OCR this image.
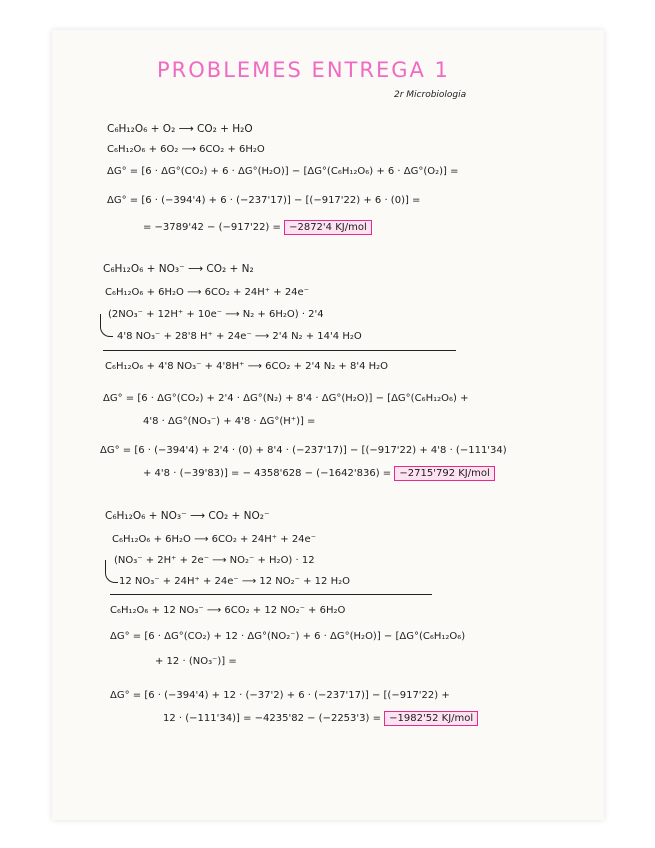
PROBLEMES ENTREGA 1
2r Microbiologia
C₆H₁₂O₆ + O₂ ⟶ CO₂ + H₂O
C₆H₁₂O₆ + 6O₂ ⟶ 6CO₂ + 6H₂O
ΔG° = [6 · ΔG°(CO₂) + 6 · ΔG°(H₂O)] − [ΔG°(C₆H₁₂O₆) + 6 · ΔG°(O₂)] =
ΔG° = [6 · (−394'4) + 6 · (−237'17)] − [(−917'22) + 6 · (0)] =
= −3789'42 − (−917'22) = −2872'4 KJ/mol
C₆H₁₂O₆ + NO₃⁻ ⟶ CO₂ + N₂
C₆H₁₂O₆ + 6H₂O ⟶ 6CO₂ + 24H⁺ + 24e⁻
(2NO₃⁻ + 12H⁺ + 10e⁻ ⟶ N₂ + 6H₂O) · 2'4
4'8 NO₃⁻ + 28'8 H⁺ + 24e⁻ ⟶ 2'4 N₂ + 14'4 H₂O
C₆H₁₂O₆ + 4'8 NO₃⁻ + 4'8H⁺ ⟶ 6CO₂ + 2'4 N₂ + 8'4 H₂O
ΔG° = [6 · ΔG°(CO₂) + 2'4 · ΔG°(N₂) + 8'4 · ΔG°(H₂O)] − [ΔG°(C₆H₁₂O₆) +
4'8 · ΔG°(NO₃⁻) + 4'8 · ΔG°(H⁺)] =
ΔG° = [6 · (−394'4) + 2'4 · (0) + 8'4 · (−237'17)] − [(−917'22) + 4'8 · (−111'34)
+ 4'8 · (−39'83)] = − 4358'628 − (−1642'836) = −2715'792 KJ/mol
C₆H₁₂O₆ + NO₃⁻ ⟶ CO₂ + NO₂⁻
C₆H₁₂O₆ + 6H₂O ⟶ 6CO₂ + 24H⁺ + 24e⁻
(NO₃⁻ + 2H⁺ + 2e⁻ ⟶ NO₂⁻ + H₂O) · 12
12 NO₃⁻ + 24H⁺ + 24e⁻ ⟶ 12 NO₂⁻ + 12 H₂O
C₆H₁₂O₆ + 12 NO₃⁻ ⟶ 6CO₂ + 12 NO₂⁻ + 6H₂O
ΔG° = [6 · ΔG°(CO₂) + 12 · ΔG°(NO₂⁻) + 6 · ΔG°(H₂O)] − [ΔG°(C₆H₁₂O₆)
+ 12 · (NO₃⁻)] =
ΔG° = [6 · (−394'4) + 12 · (−37'2) + 6 · (−237'17)] − [(−917'22) +
12 · (−111'34)] = −4235'82 − (−2253'3) = −1982'52 KJ/mol
